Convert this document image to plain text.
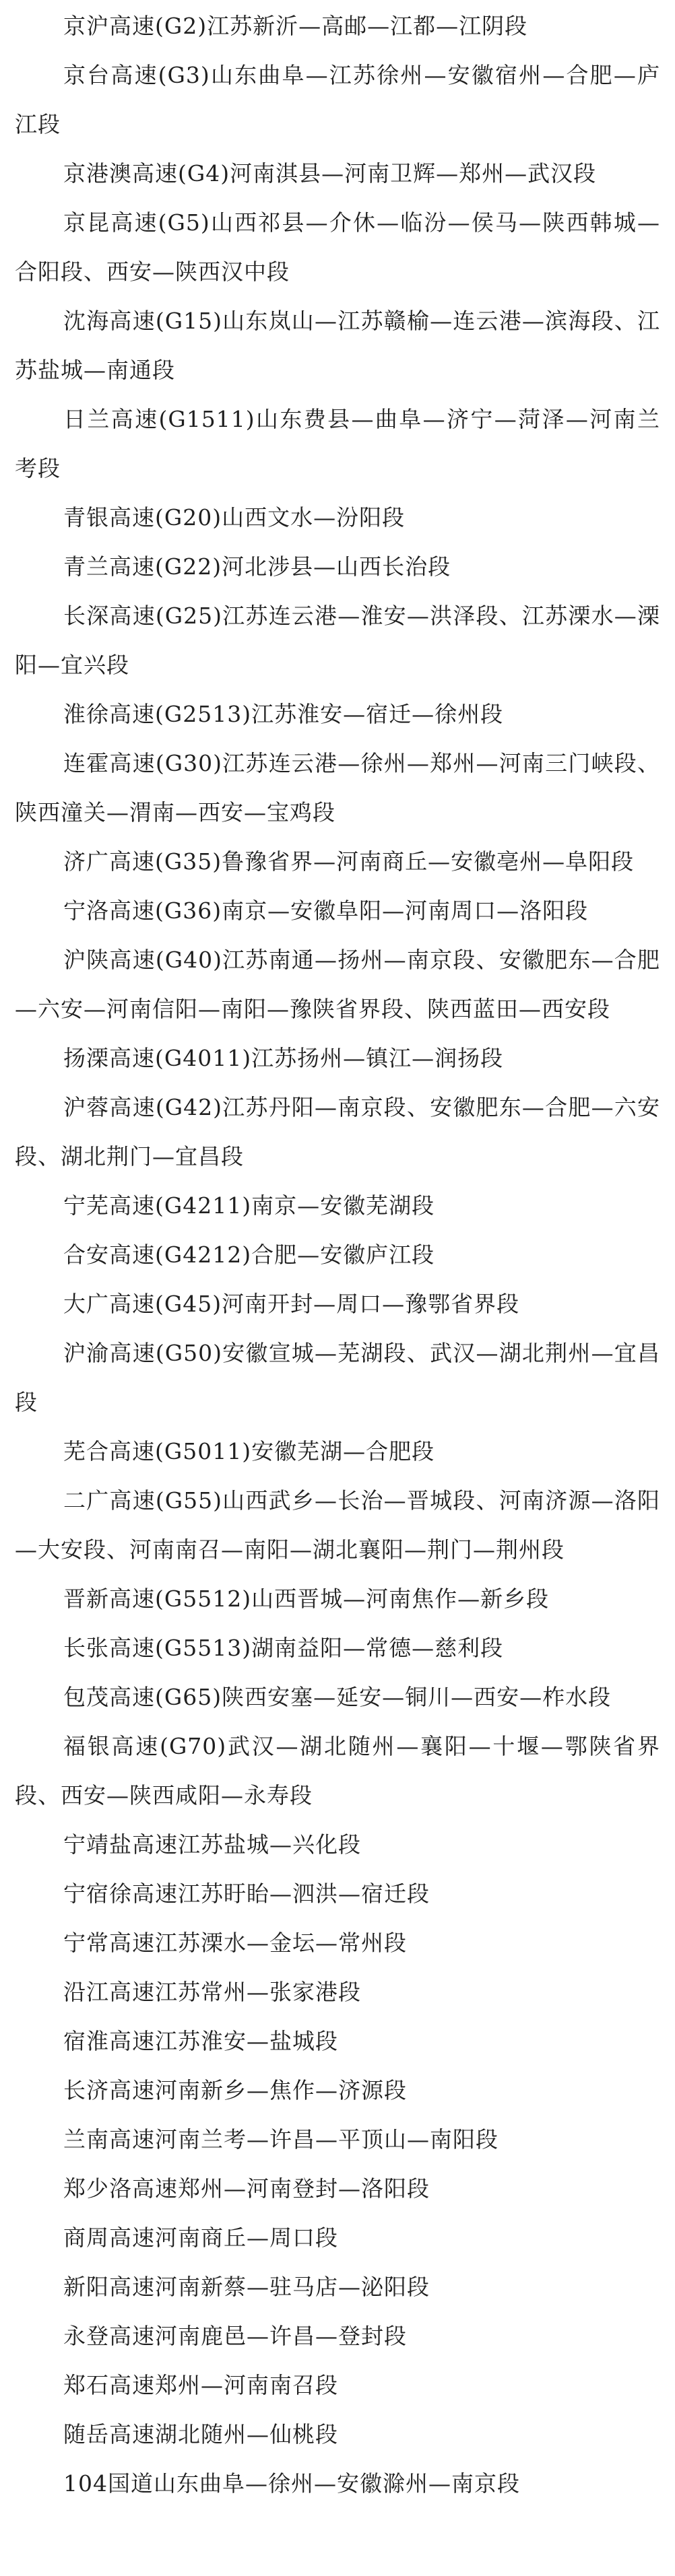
京沪高速(G2)江苏新沂—高邮—江都—江阴段
京台高速(G3)山东曲阜—江苏徐州—安徽宿州—合肥—庐江段
京港澳高速(G4)河南淇县—河南卫辉—郑州—武汉段
京昆高速(G5)山西祁县—介休—临汾—侯马—陕西韩城—合阳段、西安—陕西汉中段
沈海高速(G15)山东岚山—江苏赣榆—连云港—滨海段、江苏盐城—南通段
日兰高速(G1511)山东费县—曲阜—济宁—菏泽—河南兰考段
青银高速(G20)山西文水—汾阳段
青兰高速(G22)河北涉县—山西长治段
长深高速(G25)江苏连云港—淮安—洪泽段、江苏溧水—溧阳—宜兴段
淮徐高速(G2513)江苏淮安—宿迁—徐州段
连霍高速(G30)江苏连云港—徐州—郑州—河南三门峡段、陕西潼关—渭南—西安—宝鸡段
济广高速(G35)鲁豫省界—河南商丘—安徽亳州—阜阳段
宁洛高速(G36)南京—安徽阜阳—河南周口—洛阳段
沪陕高速(G40)江苏南通—扬州—南京段、安徽肥东—合肥—六安—河南信阳—南阳—豫陕省界段、陕西蓝田—西安段
扬溧高速(G4011)江苏扬州—镇江—润扬段
沪蓉高速(G42)江苏丹阳—南京段、安徽肥东—合肥—六安段、湖北荆门—宜昌段
宁芜高速(G4211)南京—安徽芜湖段
合安高速(G4212)合肥—安徽庐江段
大广高速(G45)河南开封—周口—豫鄂省界段
沪渝高速(G50)安徽宣城—芜湖段、武汉—湖北荆州—宜昌段
芜合高速(G5011)安徽芜湖—合肥段
二广高速(G55)山西武乡—长治—晋城段、河南济源—洛阳—大安段、河南南召—南阳—湖北襄阳—荆门—荆州段
晋新高速(G5512)山西晋城—河南焦作—新乡段
长张高速(G5513)湖南益阳—常德—慈利段
包茂高速(G65)陕西安塞—延安—铜川—西安—柞水段
福银高速(G70)武汉—湖北随州—襄阳—十堰—鄂陕省界段、西安—陕西咸阳—永寿段
宁靖盐高速江苏盐城—兴化段
宁宿徐高速江苏盱眙—泗洪—宿迁段
宁常高速江苏溧水—金坛—常州段
沿江高速江苏常州—张家港段
宿淮高速江苏淮安—盐城段
长济高速河南新乡—焦作—济源段
兰南高速河南兰考—许昌—平顶山—南阳段
郑少洛高速郑州—河南登封—洛阳段
商周高速河南商丘—周口段
新阳高速河南新蔡—驻马店—泌阳段
永登高速河南鹿邑—许昌—登封段
郑石高速郑州—河南南召段
随岳高速湖北随州—仙桃段
104国道山东曲阜—徐州—安徽滁州—南京段
